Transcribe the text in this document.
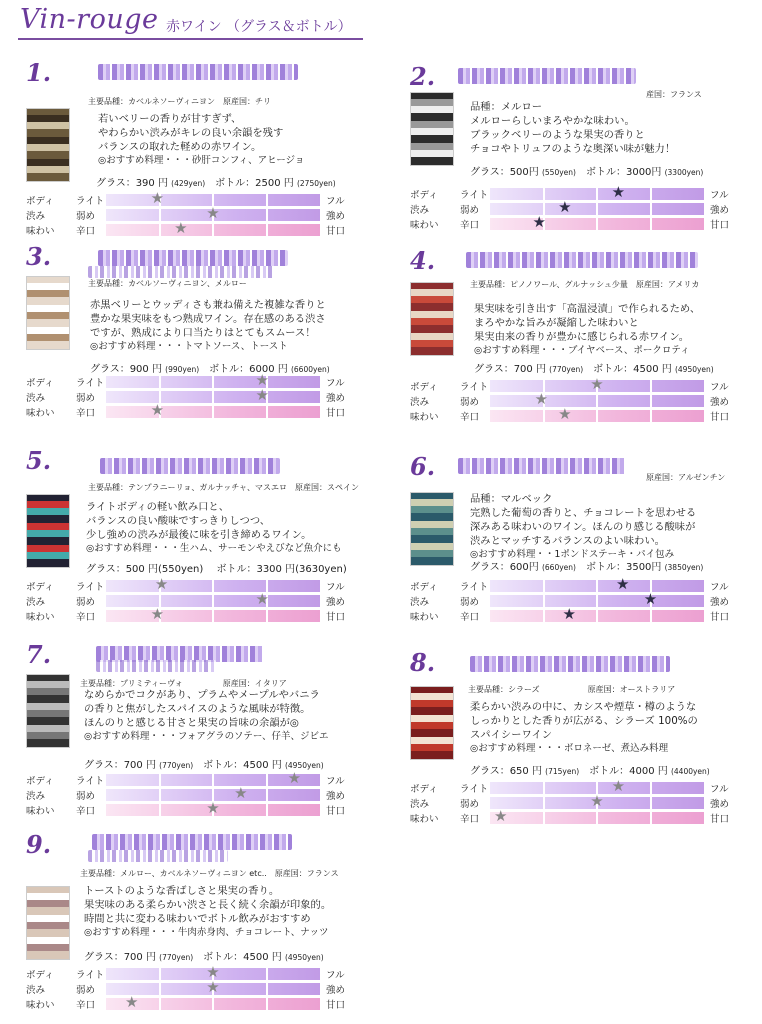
Vin-rouge 赤ワイン （グラス＆ボトル）
1.
主要品種：カベルネソーヴィニヨン　原産国：チリ
若いベリーの香りが甘すぎず、
やわらかい渋みがキレの良い余韻を残す
バランスの取れた軽めの赤ワイン。
◎おすすめ料理・・・砂肝コンフィ、アヒージョ
グラス：390 円 (429yen)　 ボトル：2500 円 (2750yen)
ボディ ライト	★	フル
渋み	弱め	★	強め
味わい 辛口	★	甘口
2.
産国：フランス
品種：メルロー
メルローらしいまろやかな味わい。
ブラックベリーのような果実の香りと
チョコやトリュフのような奥深い味が魅力！
グラス：500円 (550yen)　 ボトル：3000円 (3300yen)
ボディ ライト	★	フル
渋み	弱め	★	強め
味わい 辛口	★	甘口
3.
主要品種：カベルソーヴィニヨン、メルロー
赤黒ベリーとウッディさも兼ね備えた複雑な香りと
豊かな果実味をもつ熟成ワイン。存在感のある渋さ
ですが、熟成により口当たりはとてもスムース！
◎おすすめ料理・・・トマトソース、トースト
グラス：900 円 (990yen)　 ボトル：6000 円 (6600yen)
ボディ ライト	★	フル
渋み	弱め	★	強め
味わい 辛口	★	甘口
4.
主要品種：ピノノワール、グルナッシュ少量　原産国：アメリカ
果実味を引き出す「高温浸漬」で作られるため、
まろやかな旨みが凝縮した味わいと
果実由来の香りが豊かに感じられる赤ワイン。
◎おすすめ料理・・・ブイヤベース、ポークロティ
グラス：700 円 (770yen)　 ボトル：4500 円 (4950yen)
ボディ ライト	★	フル
渋み	弱め	★	強め
味わい 辛口	★	甘口
5.
主要品種：テンプラニーリョ、ガルナッチャ、マスエロ　原産国：スペイン
ライトボディの軽い飲み口と、
バランスの良い酸味ですっきりしつつ、
少し強めの渋みが最後に味を引き締めるワイン。
◎おすすめ料理・・・生ハム、サーモンやえびなど魚介にも
グラス：500 円(550yen) 　 ボトル：3300 円(3630yen)
ボディ ライト	★	フル
渋み	弱め	★	強め
味わい 辛口	★	甘口
6.	原産国：アルゼンチン
品種：マルベック
完熟した葡萄の香りと、チョコレートを思わせる
深みある味わいのワイン。ほんのり感じる酸味が
渋みとマッチするバランスのよい味わい。
◎おすすめ料理・・1ポンドステーキ・パイ包み
グラス：600円 (660yen)　 ボトル：3500円 (3850yen)
ボディ ライト	★	フル
渋み	弱め	★	強め
味わい 辛口	★	甘口
7.
主要品種：プリミティーヴォ　　　　　原産国：イタリア
なめらかでコクがあり、プラムやメープルやバニラ
の香りと焦がしたスパイスのような風味が特徴。
ほんのりと感じる甘さと果実の旨味の余韻が◎
◎おすすめ料理・・・フォアグラのソテー、仔羊、ジビエ
グラス：700 円 (770yen)　 ボトル：4500 円 (4950yen)
ボディ ライト	★	フル
渋み	弱め	★	強め
味わい 辛口	★	甘口
8.
主要品種：シラーズ　　　　　　原産国：オーストラリア
柔らかい渋みの中に、カシスや煙草・樽のような
しっかりとした香りが広がる、シラーズ 100%の
スパイシーワイン
◎おすすめ料理・・・ボロネーゼ、煮込み料理
グラス：650 円 (715yen)　 ボトル：4000 円 (4400yen)
ボディ ライト	★	フル
渋み	弱め	★	強め
味わい 辛口 ★	甘口
9.
主要品種：メルロー、カベルネソーヴィニヨン etc..　原産国：フランス
トーストのような香ばしさと果実の香り。
果実味のある柔らかい渋さと長く続く余韻が印象的。
時間と共に変わる味わいでボトル飲みがおすすめ
◎おすすめ料理・・・牛肉赤身肉、チョコレート、ナッツ
グラス：700 円 (770yen)　 ボトル：4500 円 (4950yen)
ボディ ライト	★	フル
渋み	弱め	★	強め
味わい 辛口 ★	甘口
